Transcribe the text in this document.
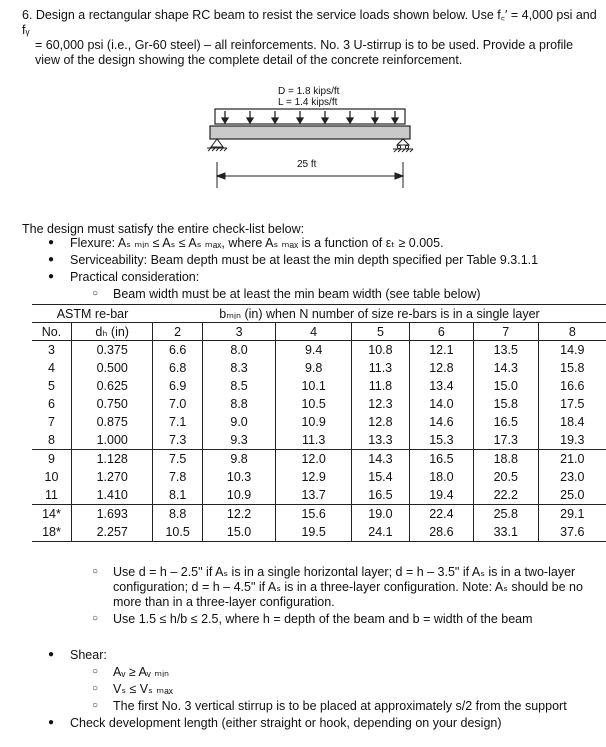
6. Design a rectangular shape RC beam to resist the service loads shown below. Use f꜀′ = 4,000 psi and fᵧ
= 60,000 psi (i.e., Gr-60 steel) – all reinforcements. No. 3 U-stirrup is to be used. Provide a profile
view of the design showing the complete detail of the concrete reinforcement.
D = 1.8 kips/ft
L = 1.4 kips/ft
25 ft
The design must satisfy the entire check-list below:
● Flexure: Aₛ ₘᵢₙ ≤ Aₛ ≤ Aₛ ₘₐₓ, where Aₛ ₘₐₓ is a function of εₜ ≥ 0.005.
● Serviceability: Beam depth must be at least the min depth specified per Table 9.3.1.1
● Practical consideration:
○ Beam width must be at least the min beam width (see table below)
ASTM re-bar		bₘᵢₙ (in) when N number of size re-bars is in a single layer						
No.	dₕ (in)	2	3	4	5	6	7	8
3	0.375	6.6	8.0	9.4	10.8	12.1	13.5	14.9
4	0.500	6.8	8.3	9.8	11.3	12.8	14.3	15.8
5	0.625	6.9	8.5	10.1	11.8	13.4	15.0	16.6
6	0.750	7.0	8.8	10.5	12.3	14.0	15.8	17.5
7	0.875	7.1	9.0	10.9	12.8	14.6	16.5	18.4
8	1.000	7.3	9.3	11.3	13.3	15.3	17.3	19.3
9	1.128	7.5	9.8	12.0	14.3	16.5	18.8	21.0
10	1.270	7.8	10.3	12.9	15.4	18.0	20.5	23.0
11	1.410	8.1	10.9	13.7	16.5	19.4	22.2	25.0
14*	1.693	8.8	12.2	15.6	19.0	22.4	25.8	29.1
18*	2.257	10.5	15.0	19.5	24.1	28.6	33.1	37.6
○ Use d = h – 2.5" if Aₛ is in a single horizontal layer; d = h – 3.5" if Aₛ is in a two-layer
configuration; d = h – 4.5" if Aₛ is in a three-layer configuration. Note: Aₛ should be no
more than in a three-layer configuration.
○ Use 1.5 ≤ h/b ≤ 2.5, where h = depth of the beam and b = width of the beam
● Shear:
○ Aᵥ ≥ Aᵥ ₘᵢₙ
○ Vₛ ≤ Vₛ ₘₐₓ
○ The first No. 3 vertical stirrup is to be placed at approximately s/2 from the support
● Check development length (either straight or hook, depending on your design)
